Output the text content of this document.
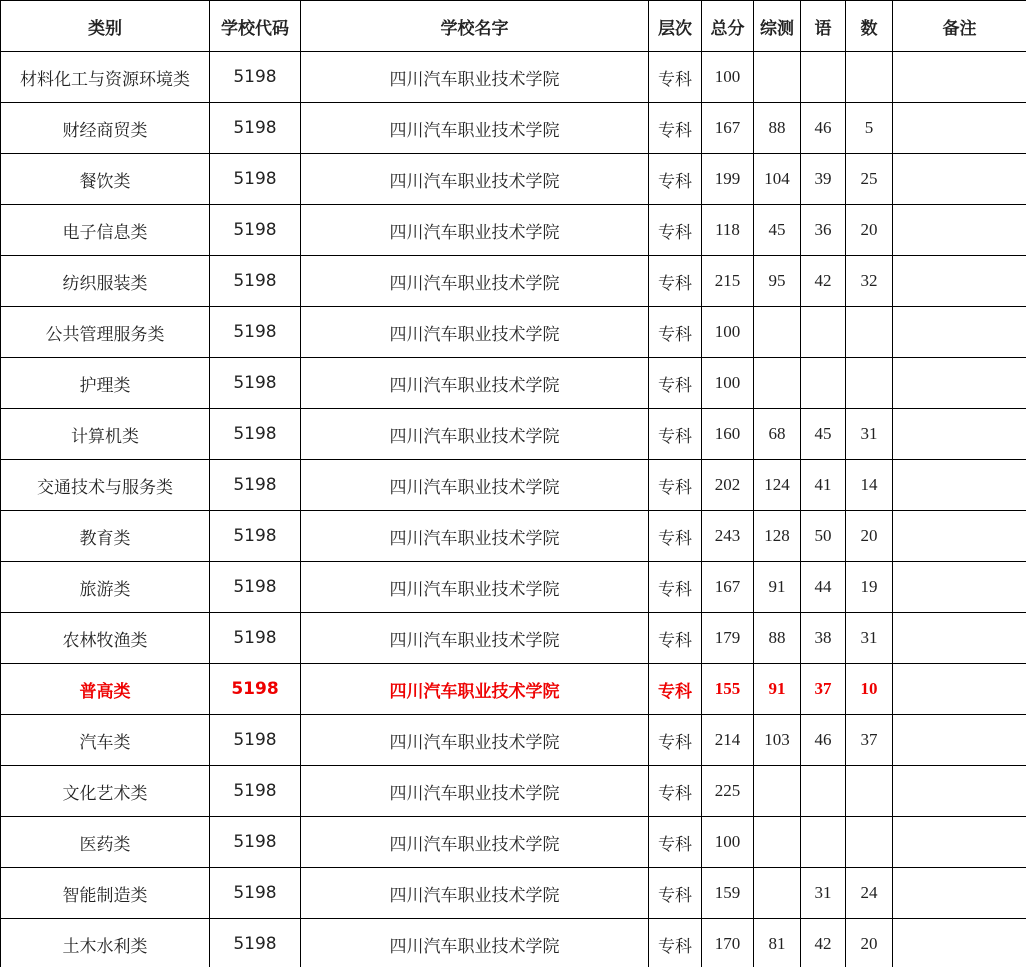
类别	学校代码	学校名字	层次	总分	综测	语	数	备注
材料化工与资源环境类	5198	四川汽车职业技术学院	专科	100				
财经商贸类	5198	四川汽车职业技术学院	专科	167	88	46	5	
餐饮类	5198	四川汽车职业技术学院	专科	199	104	39	25	
电子信息类	5198	四川汽车职业技术学院	专科	118	45	36	20	
纺织服装类	5198	四川汽车职业技术学院	专科	215	95	42	32	
公共管理服务类	5198	四川汽车职业技术学院	专科	100				
护理类	5198	四川汽车职业技术学院	专科	100				
计算机类	5198	四川汽车职业技术学院	专科	160	68	45	31	
交通技术与服务类	5198	四川汽车职业技术学院	专科	202	124	41	14	
教育类	5198	四川汽车职业技术学院	专科	243	128	50	20	
旅游类	5198	四川汽车职业技术学院	专科	167	91	44	19	
农林牧渔类	5198	四川汽车职业技术学院	专科	179	88	38	31	
普高类	5198	四川汽车职业技术学院	专科	155	91	37	10	
汽车类	5198	四川汽车职业技术学院	专科	214	103	46	37	
文化艺术类	5198	四川汽车职业技术学院	专科	225				
医药类	5198	四川汽车职业技术学院	专科	100				
智能制造类	5198	四川汽车职业技术学院	专科	159		31	24	
土木水利类	5198	四川汽车职业技术学院	专科	170	81	42	20	
